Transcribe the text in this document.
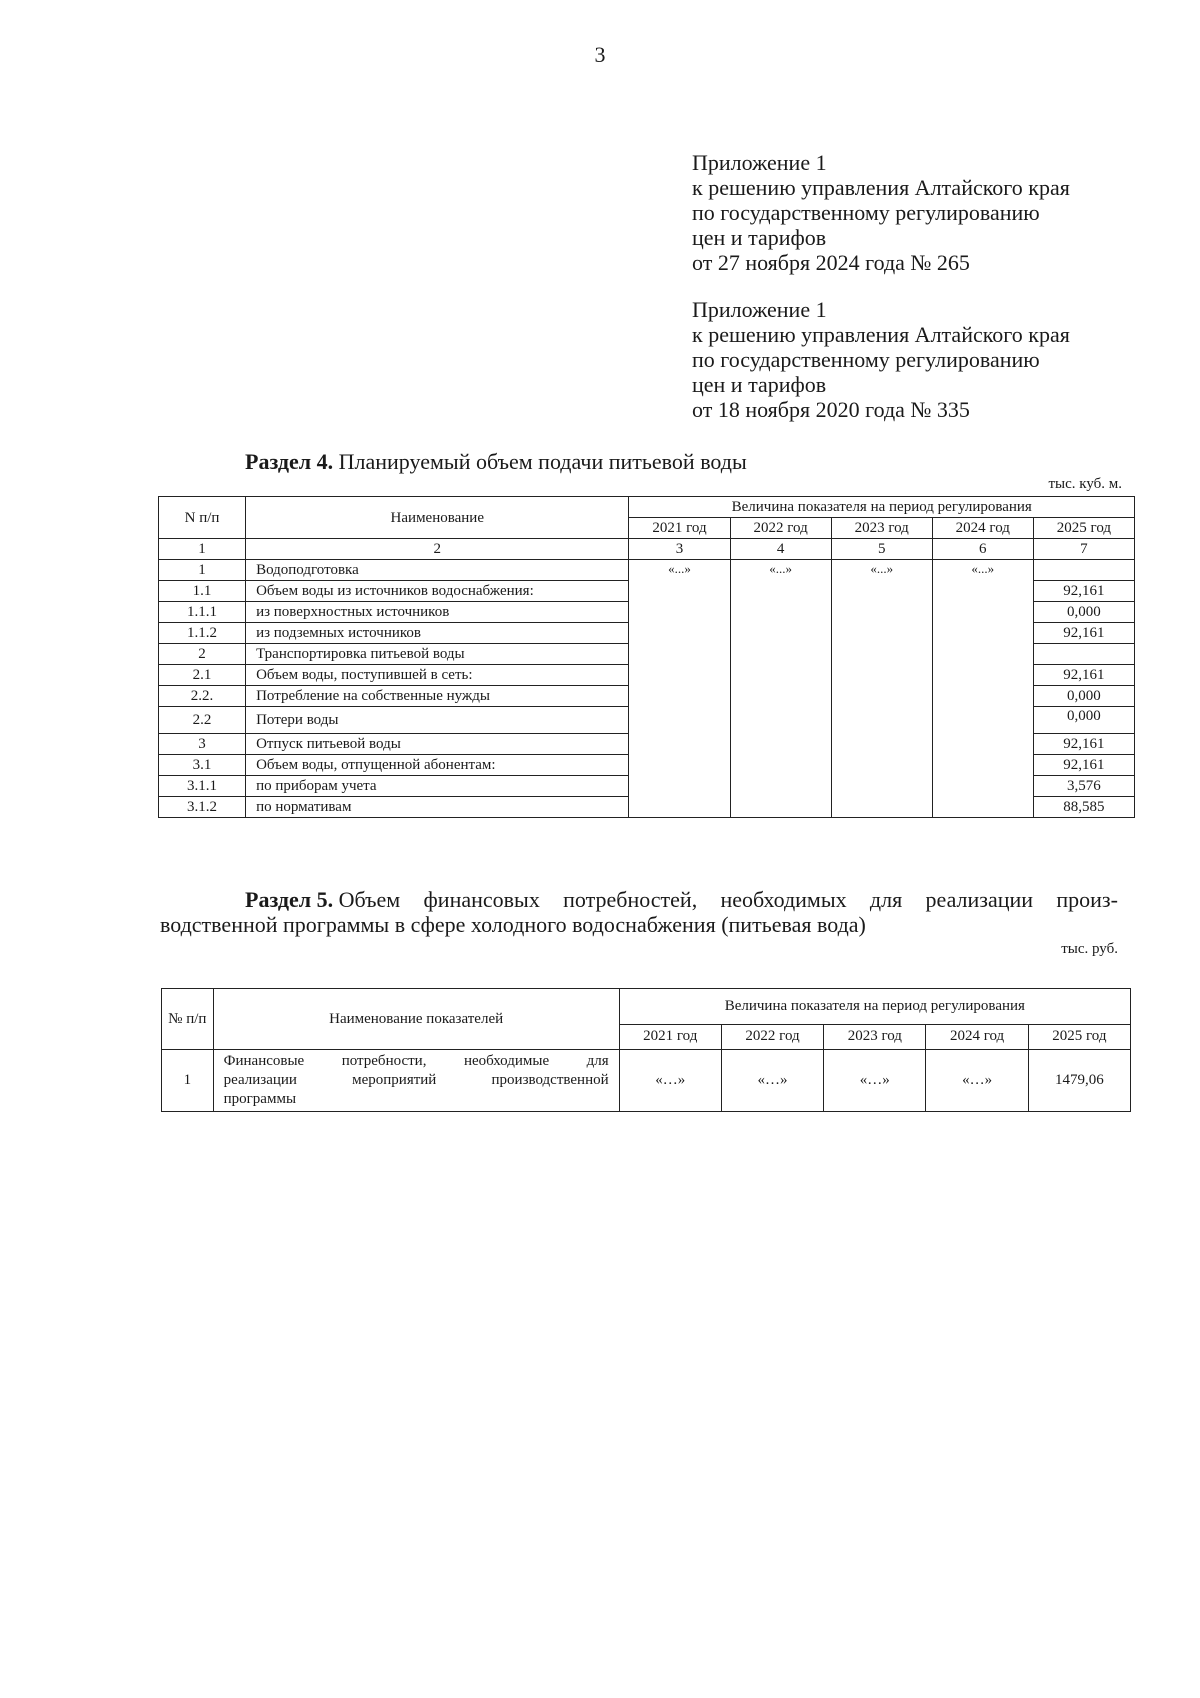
3
Приложение 1
к решению управления Алтайского края
по государственному регулированию
цен и тарифов
от 27 ноября 2024 года № 265
Приложение 1
к решению управления Алтайского края
по государственному регулированию
цен и тарифов
от 18 ноября 2020 года № 335
Раздел 4. Планируемый объем подачи питьевой воды
тыс. куб. м.
N п/п	Наименование	Величина показателя на период регулирования				
		2021 год	2022 год	2023 год	2024 год	2025 год
1	2	3	4	5	6	7
1	Водоподготовка	«...»	«...»	«...»	«...»	
1.1	Объем воды из источников водоснабжения:					92,161
1.1.1	из поверхностных источников					0,000
1.1.2	из подземных источников					92,161
2	Транспортировка питьевой воды					
2.1	Объем воды, поступившей в сеть:					92,161
2.2.	Потребление на собственные нужды					0,000
2.2	Потери воды					0,000
3	Отпуск питьевой воды					92,161
3.1	Объем воды, отпущенной абонентам:					92,161
3.1.1	по приборам учета					3,576
3.1.2	по нормативам					88,585
Раздел 5. Объем финансовых потребностей, необходимых для реализации произ-
водственной программы в сфере холодного водоснабжения (питьевая вода)
тыс. руб.
№ п/п	Наименование показателей	Величина показателя на период регулирования				
		2021 год	2022 год	2023 год	2024 год	2025 год
1	Финансовые потребности, необходимые для
реализации мероприятий производственной
программы	«…»	«…»	«…»	«…»	1479,06
